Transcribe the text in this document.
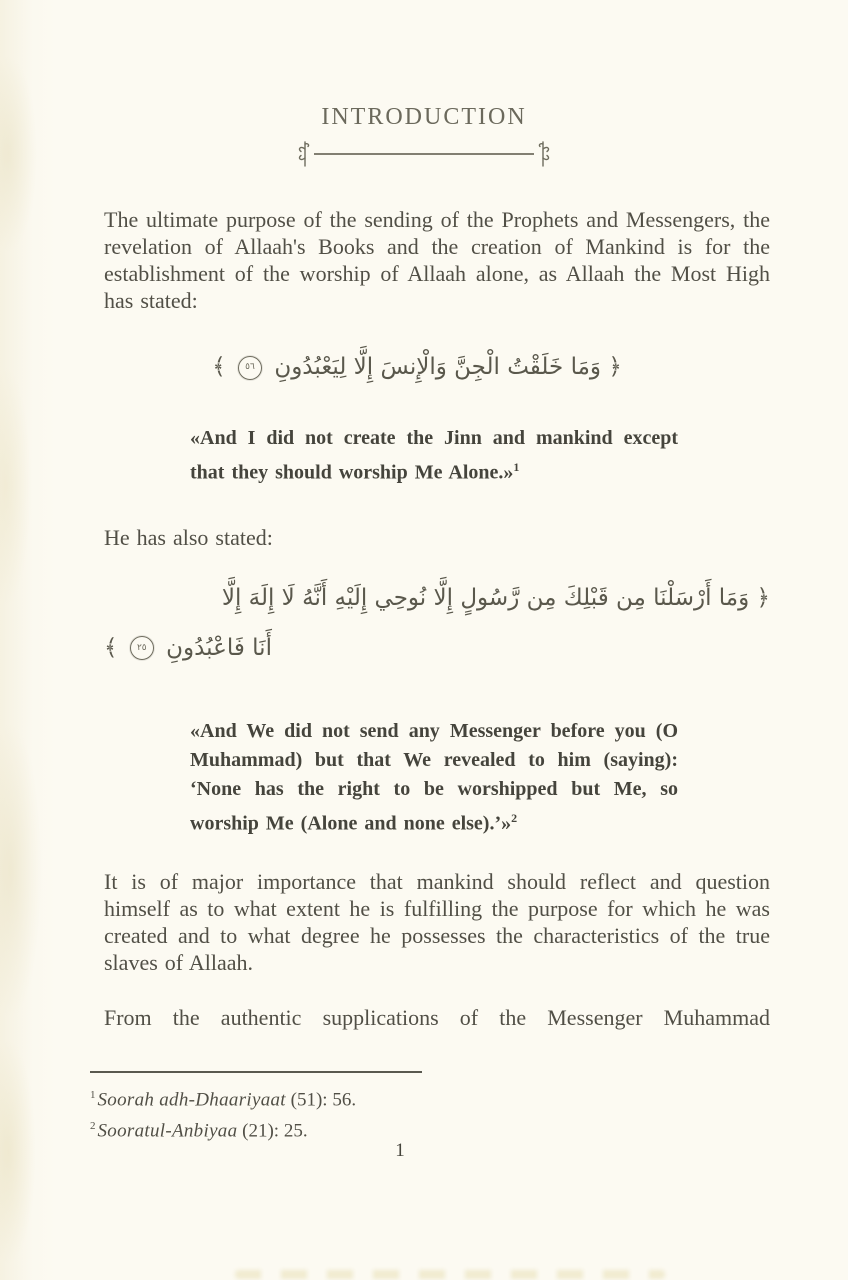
INTRODUCTION

The ultimate purpose of the sending of the Prophets and Messengers, the revelation of Allaah's Books and the creation of Mankind is for the establishment of the worship of Allaah alone, as Allaah the Most High has stated:

﴿ وَمَا خَلَقْتُ الْجِنَّ وَالْإِنسَ إِلَّا لِيَعْبُدُونِ
٥٦
﴾
«And I did not create the Jinn and mankind except that they should worship Me Alone.»$^1$

He has also stated:

﴿ وَمَا أَرْسَلْنَا مِن قَبْلِكَ مِن رَّسُولٍ إِلَّا نُوحِي إِلَيْهِ أَنَّهُ لَا إِلَهَ إِلَّا
أَنَا فَاعْبُدُونِ
٢٥
﴾
«And We did not send any Messenger before you (O Muhammad) but that We revealed to him (saying): ‘None has the right to be worshipped but Me, so worship Me (Alone and none else).’»$^2$

It is of major importance that mankind should reflect and question himself as to what extent he is fulfilling the purpose for which he was created and to what degree he possesses the characteristics of the true slaves of Allaah.

From the authentic supplications of the Messenger Muhammad

$^1$ Soorah adh-Dhaariyaat (51): 56.
$^2$ Sooratul-Anbiyaa (21): 25.
1
